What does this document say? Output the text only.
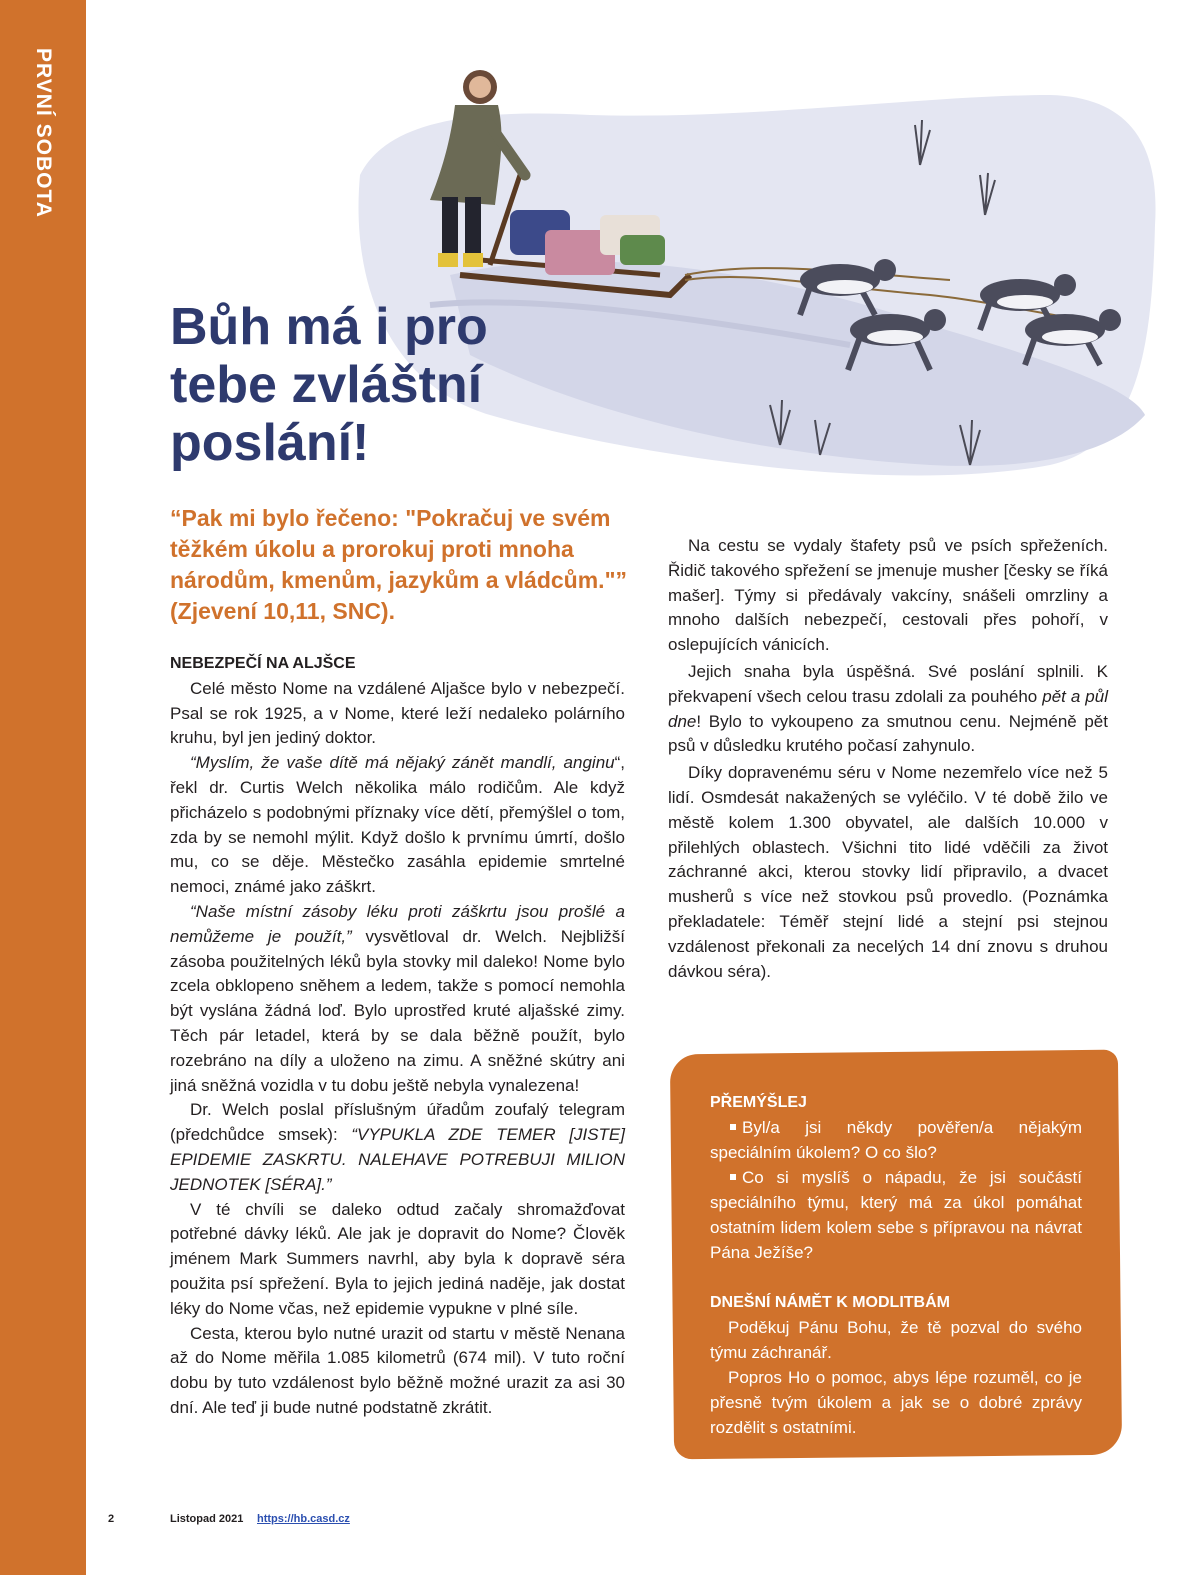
PRVNÍ SOBOTA
Bůh má i pro tebe zvláštní poslání!

“Pak mi bylo řečeno: "Pokračuj ve svém těžkém úkolu a prorokuj proti mnoha národům, kmenům, jazykům a vládcům."” (Zjevení 10,11, SNC).

NEBEZPEČÍ NA ALJŠCE

Celé město Nome na vzdálené Aljašce bylo v nebezpečí. Psal se rok 1925, a v Nome, které leží nedaleko polárního kruhu, byl jen jediný doktor.

“Myslím, že vaše dítě má nějaký zánět mandlí, anginu“, řekl dr. Curtis Welch několika málo rodičům. Ale když přicházelo s podobnými příznaky více dětí, přemýšlel o tom, zda by se nemohl mýlit. Když došlo k prvnímu úmrtí, došlo mu, co se děje. Městečko zasáhla epidemie smrtelné nemoci, známé jako záškrt.

“Naše místní zásoby léku proti záškrtu jsou prošlé a nemůžeme je použít,” vysvětloval dr. Welch. Nejbližší zásoba použitelných léků byla stovky mil daleko! Nome bylo zcela obklopeno sněhem a ledem, takže s pomocí nemohla být vyslána žádná loď. Bylo uprostřed kruté aljašské zimy. Těch pár letadel, která by se dala běžně použít, bylo rozebráno na díly a uloženo na zimu. A sněžné skútry ani jiná sněžná vozidla v tu dobu ještě nebyla vynalezena!

Dr. Welch poslal příslušným úřadům zoufalý telegram (předchůdce smsek): “VYPUKLA ZDE TEMER [JISTE] EPIDEMIE ZASKRTU. NALEHAVE POTREBUJI MILION JEDNOTEK [SÉRA].”

V té chvíli se daleko odtud začaly shromažďovat potřebné dávky léků. Ale jak je dopravit do Nome? Člověk jménem Mark Summers navrhl, aby byla k dopravě séra použita psí spřežení. Byla to jejich jediná naděje, jak dostat léky do Nome včas, než epidemie vypukne v plné síle.

Cesta, kterou bylo nutné urazit od startu v městě Nenana až do Nome měřila 1.085 kilometrů (674 mil). V tuto roční dobu by tuto vzdálenost bylo běžně možné urazit za asi 30 dní. Ale teď ji bude nutné podstatně zkrátit.

Na cestu se vydaly štafety psů ve psích spřeženích. Řidič takového spřežení se jmenuje musher [česky se říká mašer]. Týmy si předávaly vakcíny, snášeli omrzliny a mnoho dalších nebezpečí, cestovali přes pohoří, v oslepujících vánicích.

Jejich snaha byla úspěšná. Své poslání splnili. K překvapení všech celou trasu zdolali za pouhého pět a půl dne! Bylo to vykoupeno za smutnou cenu. Nejméně pět psů v důsledku krutého počasí zahynulo.

Díky dopravenému séru v Nome nezemřelo více než 5 lidí. Osmdesát nakažených se vyléčilo. V té době žilo ve městě kolem 1.300 obyvatel, ale dalších 10.000 v přilehlých oblastech. Všichni tito lidé vděčili za život záchranné akci, kterou stovky lidí připravilo, a dvacet musherů s více než stovkou psů provedlo. (Poznámka překladatele: Téměř stejní lidé a stejní psi stejnou vzdálenost překonali za necelých 14 dní znovu s druhou dávkou séra).

PŘEMÝŠLEJ

Byl/a jsi někdy pověřen/a nějakým speciálním úkolem? O co šlo?

Co si myslíš o nápadu, že jsi součástí speciálního týmu, který má za úkol pomáhat ostatním lidem kolem sebe s přípravou na návrat Pána Ježíše?

DNEŠNÍ NÁMĚT K MODLITBÁM

Poděkuj Pánu Bohu, že tě pozval do svého týmu záchranář.

Popros Ho o pomoc, abys lépe rozuměl, co je přesně tvým úkolem a jak se o dobré zprávy rozdělit s ostatními.

2	Listopad 2021 https://hb.casd.cz
